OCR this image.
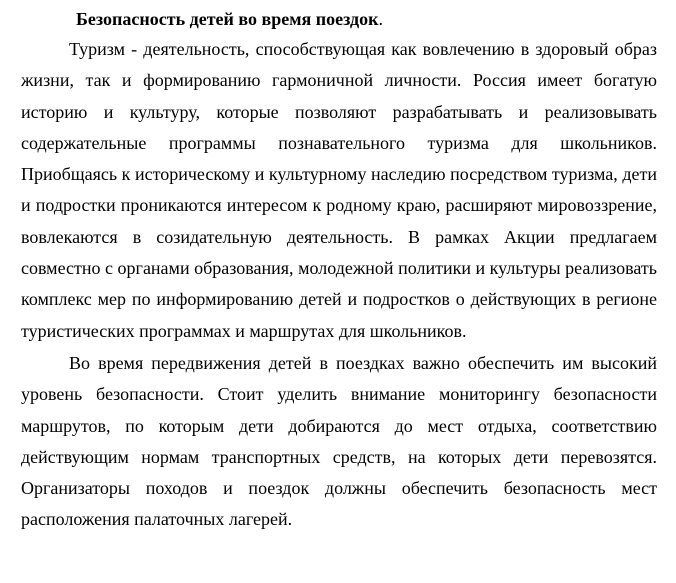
Безопасность детей во время поездок.

Туризм - деятельность, способствующая как вовлечению в здоровый образ жизни, так и формированию гармоничной личности. Россия имеет богатую историю и культуру, которые позволяют разрабатывать и реализовывать содержательные программы познавательного туризма для школьников. Приобщаясь к историческому и культурному наследию посредством туризма, дети и подростки проникаются интересом к родному краю, расширяют мировоззрение, вовлекаются в созидательную деятельность. В рамках Акции предлагаем совместно с органами образования, молодежной политики и культуры реализовать комплекс мер по информированию детей и подростков о действующих в регионе туристических программах и маршрутах для школьников.

Во время передвижения детей в поездках важно обеспечить им высокий уровень безопасности. Стоит уделить внимание мониторингу безопасности маршрутов, по которым дети добираются до мест отдыха, соответствию действующим нормам транспортных средств, на которых дети перевозятся. Организаторы походов и поездок должны обеспечить безопасность мест расположения палаточных лагерей.
